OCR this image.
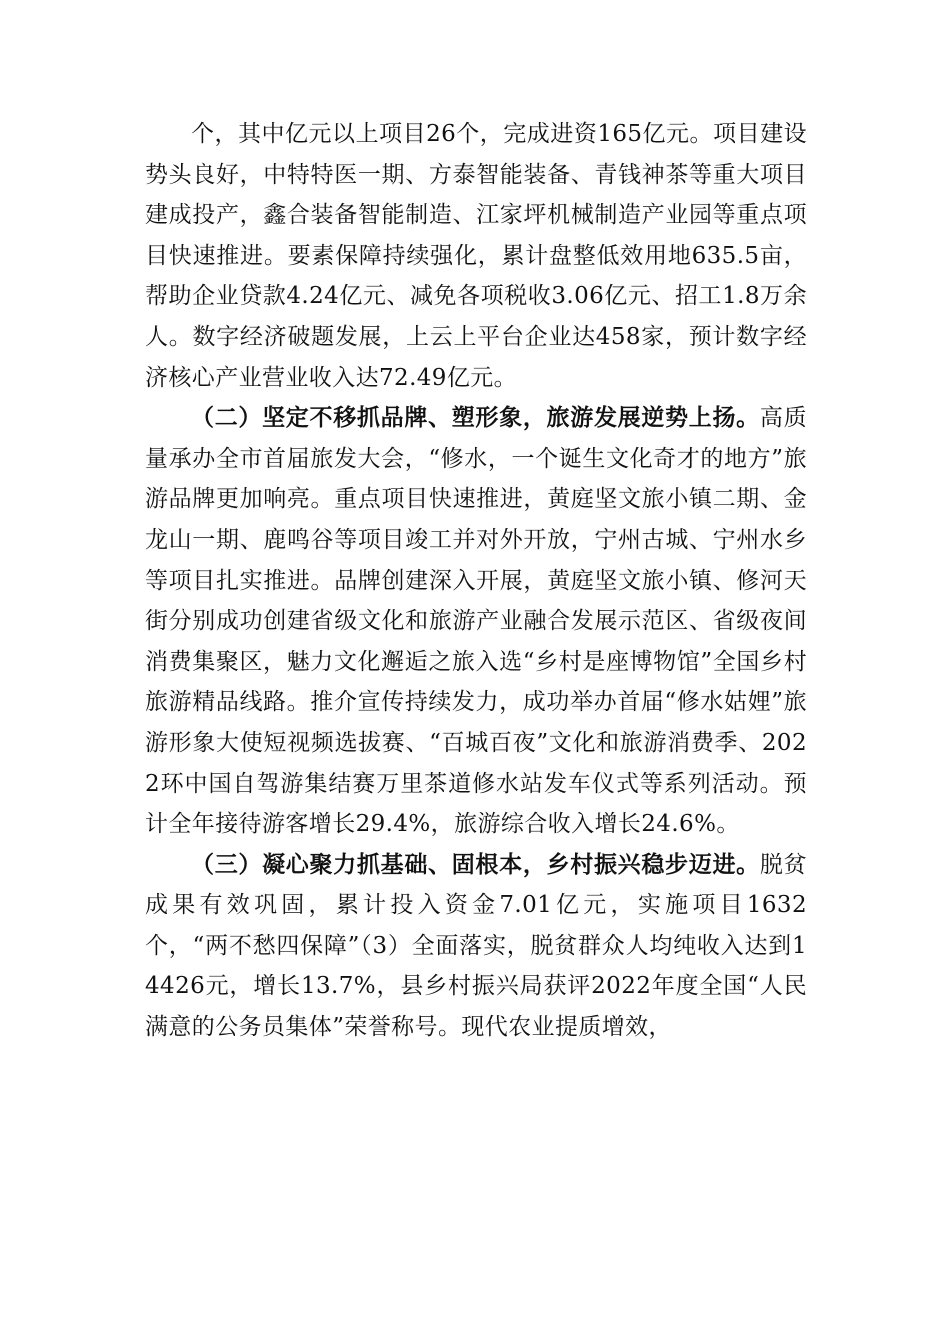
个，其中亿元以上项目26个，完成进资165亿元。项目建设势头良好，中特特医一期、方泰智能装备、青钱神茶等重大项目建成投产，鑫合装备智能制造、江家坪机械制造产业园等重点项目快速推进。要素保障持续强化，累计盘整低效用地635.5亩，帮助企业贷款4.24亿元、减免各项税收3.06亿元、招工1.8万余人。数字经济破题发展，上云上平台企业达458家，预计数字经济核心产业营业收入达72.49亿元。

（二）坚定不移抓品牌、塑形象，旅游发展逆势上扬。高质量承办全市首届旅发大会，“修水，一个诞生文化奇才的地方”旅游品牌更加响亮。重点项目快速推进，黄庭坚文旅小镇二期、金龙山一期、鹿鸣谷等项目竣工并对外开放，宁州古城、宁州水乡等项目扎实推进。品牌创建深入开展，黄庭坚文旅小镇、修河天街分别成功创建省级文化和旅游产业融合发展示范区、省级夜间消费集聚区，魅力文化邂逅之旅入选“乡村是座博物馆”全国乡村旅游精品线路。推介宣传持续发力，成功举办首届“修水姑娌”旅游形象大使短视频选拔赛、“百城百夜”文化和旅游消费季、2022环中国自驾游集结赛万里茶道修水站发车仪式等系列活动。预计全年接待游客增长29.4%，旅游综合收入增长24.6%。

（三）凝心聚力抓基础、固根本，乡村振兴稳步迈进。脱贫成果有效巩固，累计投入资金7.01亿元，实施项目1632个，“两不愁四保障”（3）全面落实，脱贫群众人均纯收入达到14426元，增长13.7%，县乡村振兴局获评2022年度全国“人民满意的公务员集体”荣誉称号。现代农业提质增效，
